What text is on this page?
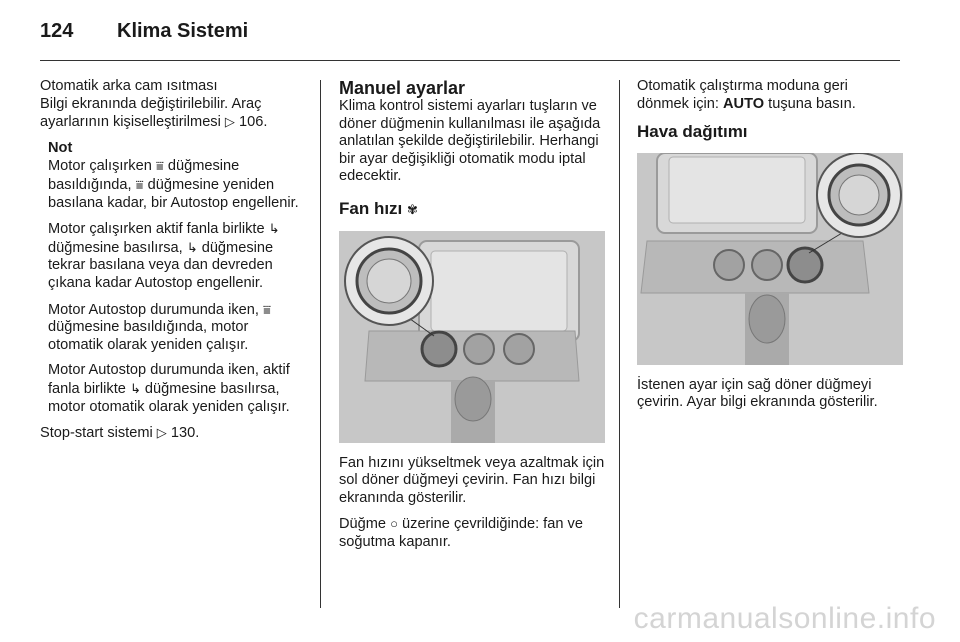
124 Klima Sistemi

Otomatik arka cam ısıtması
Bilgi ekranında değiştirilebilir. Araç ayarlarının kişiselleştirilmesi ▷ 106.

Not

Motor çalışırken ⩸ düğmesine basıldığında, ⩸ düğmesine yeniden basılana kadar, bir Autostop engellenir.

Motor çalışırken aktif fanla birlikte ↳ düğmesine basılırsa, ↳ düğmesine tekrar basılana veya dan devreden çıkana kadar Autostop engellenir.

Motor Autostop durumunda iken, ⩸ düğmesine basıldığında, motor otomatik olarak yeniden çalışır.

Motor Autostop durumunda iken, aktif fanla birlikte ↳ düğmesine basılırsa, motor otomatik olarak yeniden çalışır.

Stop-start sistemi ▷ 130.

Manuel ayarlar

Klima kontrol sistemi ayarları tuşların ve döner düğmenin kullanılması ile aşağıda anlatılan şekilde değiştirilebilir. Herhangi bir ayar değişikliği otomatik modu iptal edecektir.

Fan hızı ✾

Fan hızını yükseltmek veya azaltmak için sol döner düğmeyi çevirin. Fan hızı bilgi ekranında gösterilir.

Düğme ○ üzerine çevrildiğinde: fan ve soğutma kapanır.

Otomatik çalıştırma moduna geri dönmek için: AUTO tuşuna basın.

Hava dağıtımı

İstenen ayar için sağ döner düğmeyi çevirin. Ayar bilgi ekranında gösterilir.

carmanualsonline.info
